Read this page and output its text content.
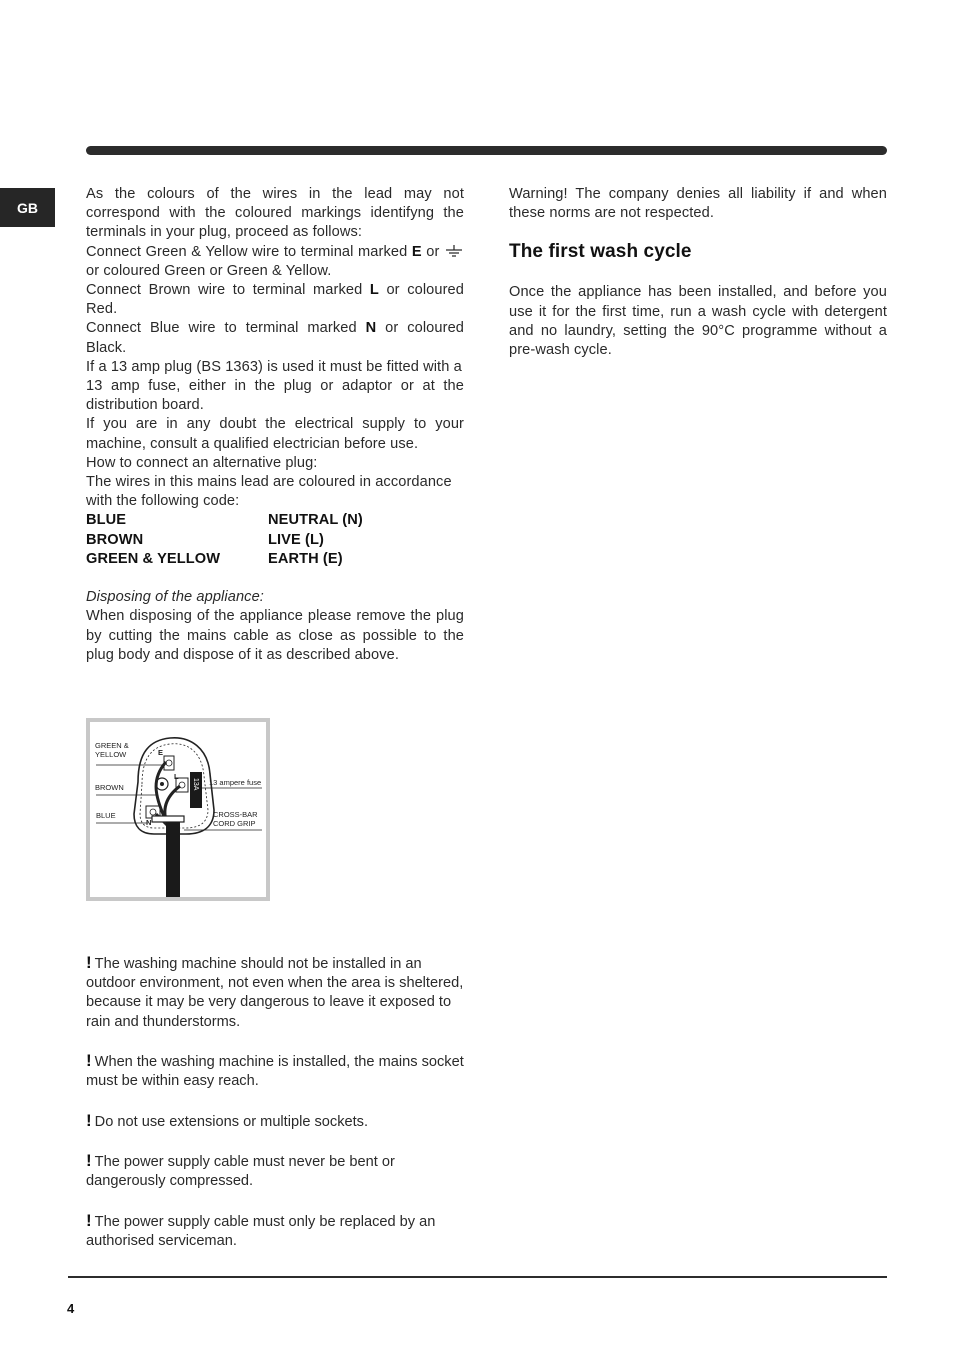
GB

As the colours of the wires in the lead may not correspond with the coloured markings identifyng the terminals in your plug, proceed as follows:

Connect Green & Yellow wire to terminal marked E or  or coloured Green or Green & Yellow.

Connect Brown wire to terminal marked L or coloured Red.

Connect Blue wire to terminal marked N or coloured Black.

If a 13 amp plug (BS 1363) is used it must be fitted with a

13 amp fuse, either in the plug or adaptor or at the distribution board.

If you are in any doubt the electrical supply to your machine, consult a qualified electrician before use.

How to connect an alternative plug:

The wires in this mains lead are coloured in accordance with the following code:

BLUE	NEUTRAL (N)
BROWN	LIVE (L)
GREEN & YELLOW	EARTH (E)

Disposing of the appliance:

When disposing of the appliance please remove the plug by cutting the mains cable as close as possible to the plug body and dispose of it as described above.

GREEN &
YELLOW
BROWN
BLUE
13 ampere fuse
CROSS-BAR
CORD GRIP
E
L
N
13A

! The washing machine should not be installed in an outdoor environment, not even when the area is sheltered, because it may be very dangerous to leave it exposed to rain and thunderstorms.

! When the washing machine is installed, the mains socket must be within easy reach.

! Do not use extensions or multiple sockets.

! The power supply cable must never be bent or dangerously compressed.

! The power supply cable must only be replaced by an authorised serviceman.

Warning! The company denies all liability if and when these norms are not respected.

The first wash cycle

Once the appliance has been installed, and before you use it for the first time, run a wash cycle with detergent and no laundry, setting the 90°C programme without a pre-wash cycle.

4
